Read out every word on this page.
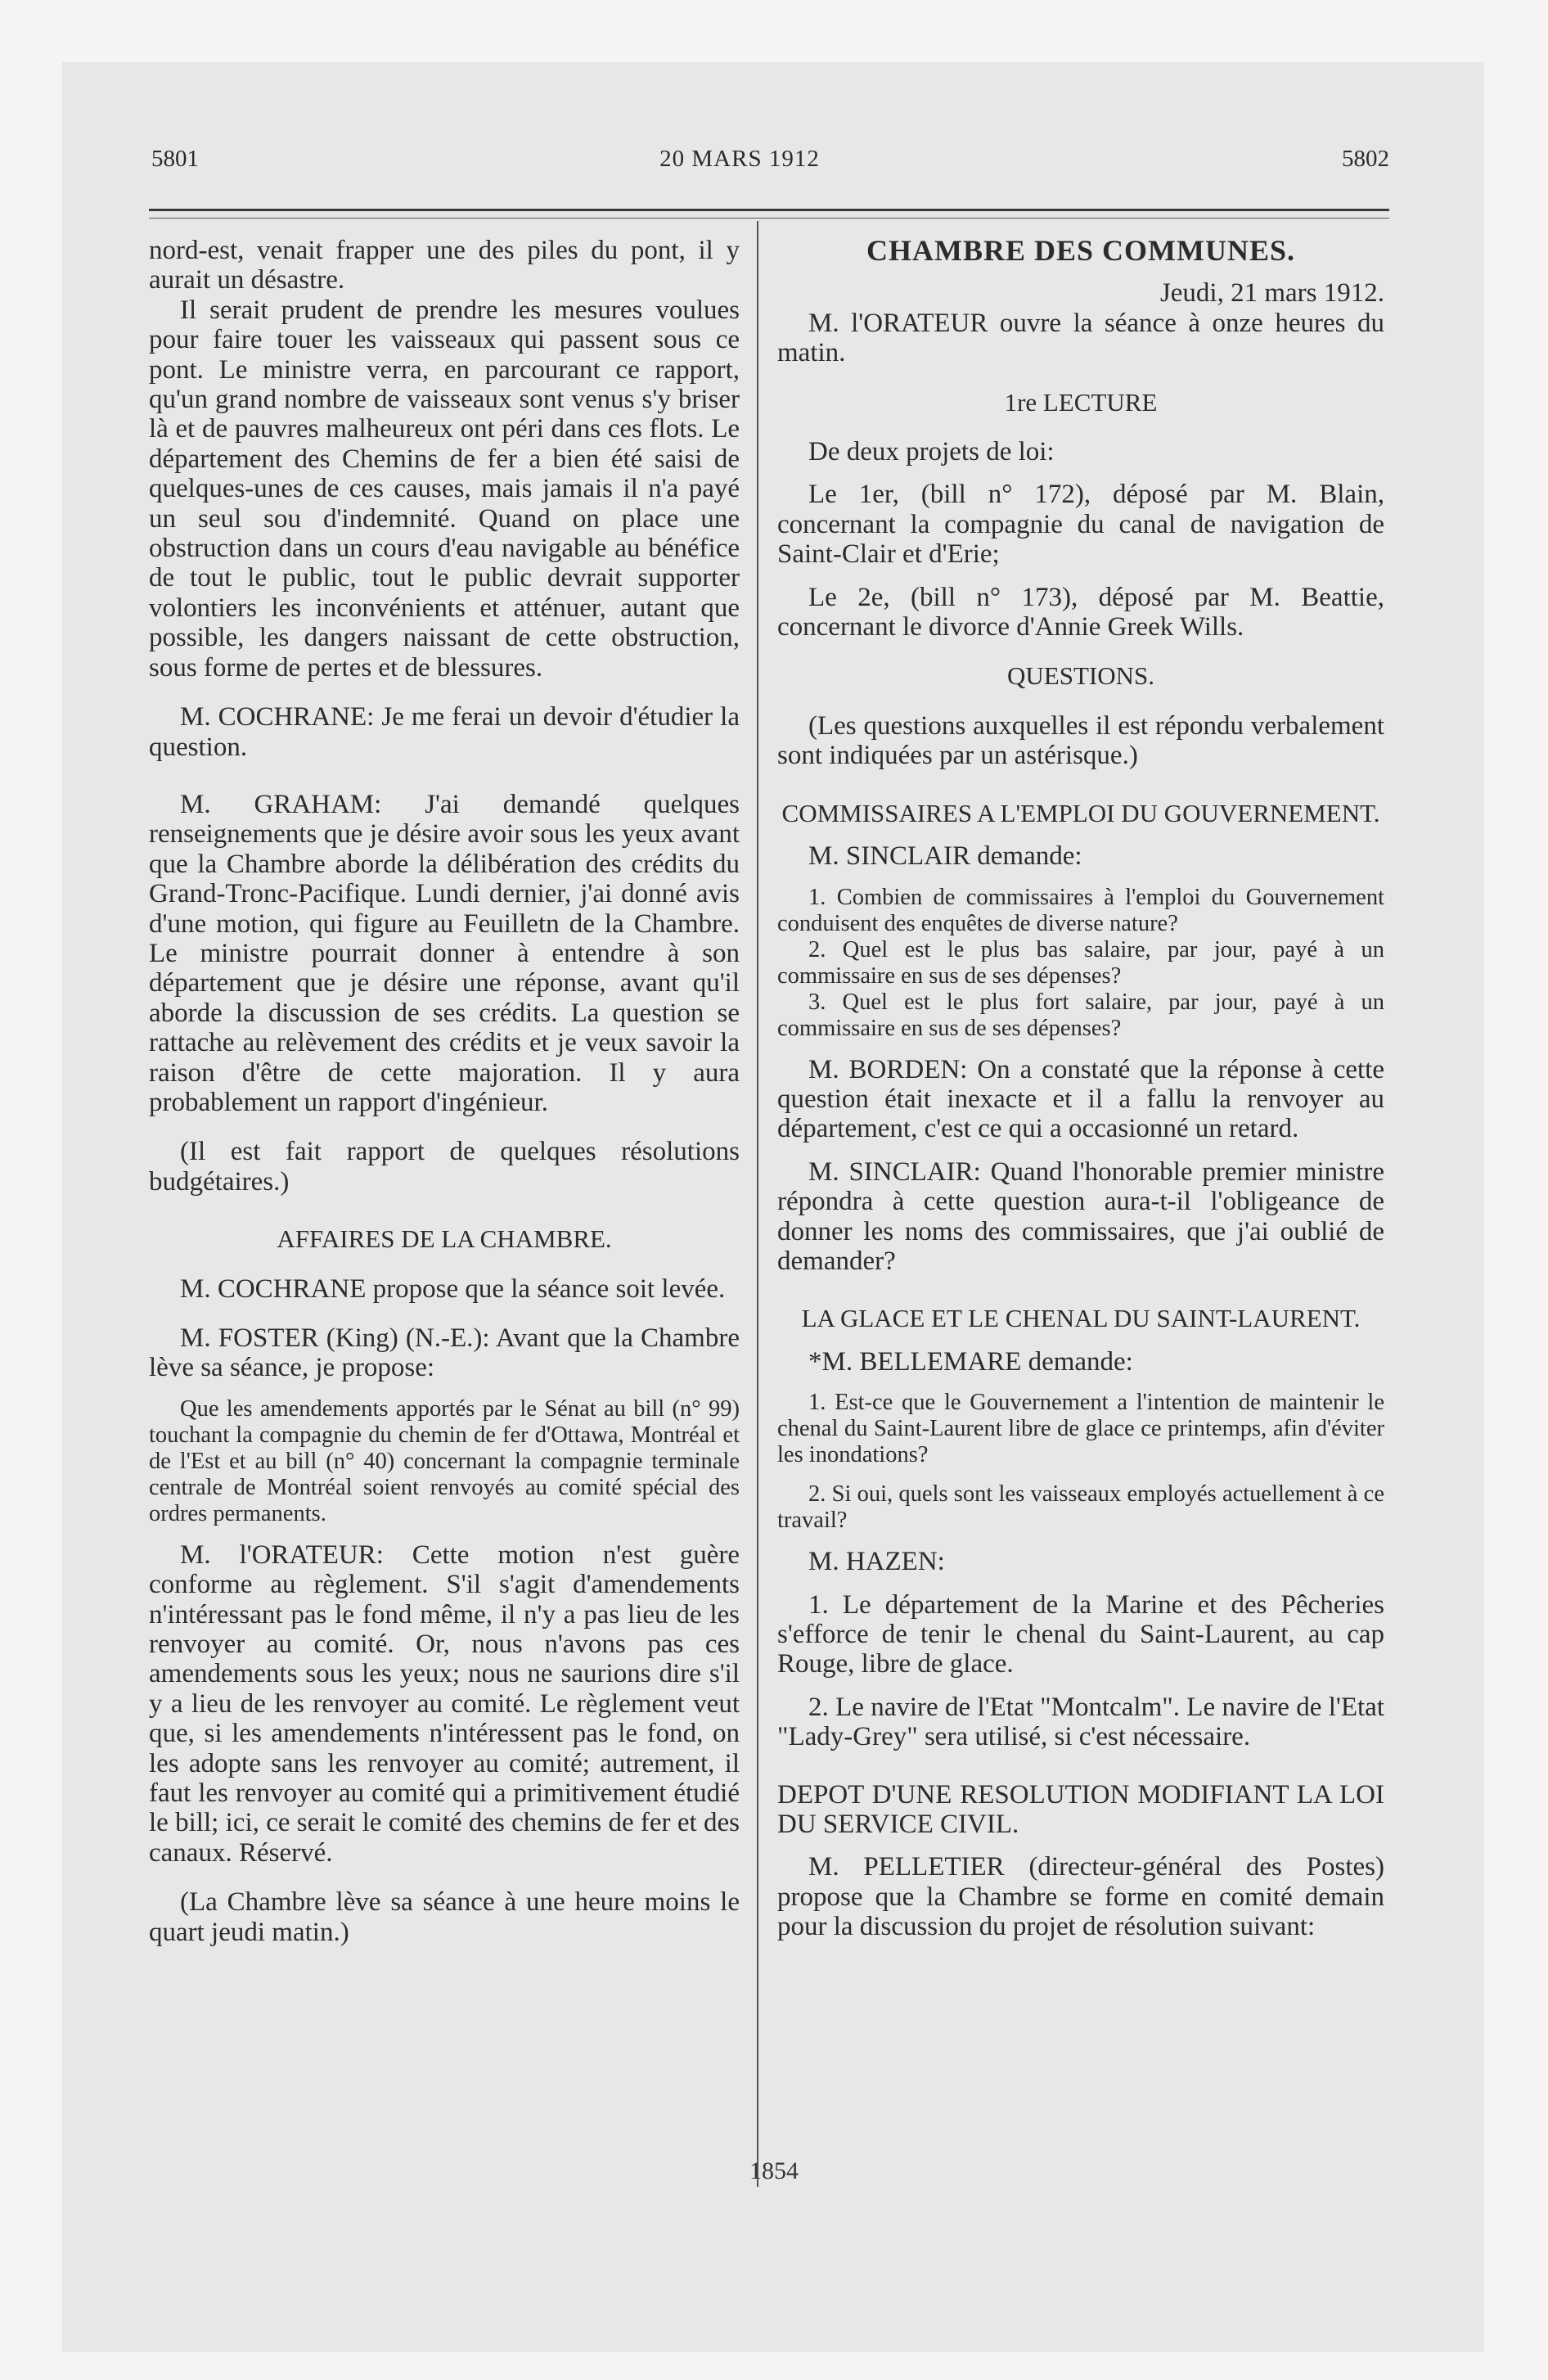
5801	20 MARS 1912	5802

nord-est, venait frapper une des piles du pont, il y aurait un désastre.

Il serait prudent de prendre les mesures voulues pour faire touer les vaisseaux qui passent sous ce pont. Le ministre verra, en parcourant ce rapport, qu'un grand nombre de vaisseaux sont venus s'y briser là et de pauvres malheureux ont péri dans ces flots. Le département des Chemins de fer a bien été saisi de quelques-unes de ces causes, mais jamais il n'a payé un seul sou d'indemnité. Quand on place une obstruction dans un cours d'eau navigable au bénéfice de tout le public, tout le public devrait supporter volontiers les inconvénients et atténuer, autant que possible, les dangers naissant de cette obstruction, sous forme de pertes et de blessures.

M. COCHRANE: Je me ferai un devoir d'étudier la question.

M. GRAHAM: J'ai demandé quelques renseignements que je désire avoir sous les yeux avant que la Chambre aborde la délibération des crédits du Grand-Tronc-Pacifique. Lundi dernier, j'ai donné avis d'une motion, qui figure au Feuilletn de la Chambre. Le ministre pourrait donner à entendre à son département que je désire une réponse, avant qu'il aborde la discussion de ses crédits. La question se rattache au relèvement des crédits et je veux savoir la raison d'être de cette majoration. Il y aura probablement un rapport d'ingénieur.

(Il est fait rapport de quelques résolutions budgétaires.)

AFFAIRES DE LA CHAMBRE.

M. COCHRANE propose que la séance soit levée.

M. FOSTER (King) (N.-E.): Avant que la Chambre lève sa séance, je propose:

Que les amendements apportés par le Sénat au bill (n° 99) touchant la compagnie du chemin de fer d'Ottawa, Montréal et de l'Est et au bill (n° 40) concernant la compagnie terminale centrale de Montréal soient renvoyés au comité spécial des ordres permanents.

M. l'ORATEUR: Cette motion n'est guère conforme au règlement. S'il s'agit d'amendements n'intéressant pas le fond même, il n'y a pas lieu de les renvoyer au comité. Or, nous n'avons pas ces amendements sous les yeux; nous ne saurions dire s'il y a lieu de les renvoyer au comité. Le règlement veut que, si les amendements n'intéressent pas le fond, on les adopte sans les renvoyer au comité; autrement, il faut les renvoyer au comité qui a primitivement étudié le bill; ici, ce serait le comité des chemins de fer et des canaux. Réservé.

(La Chambre lève sa séance à une heure moins le quart jeudi matin.)

CHAMBRE DES COMMUNES.

Jeudi, 21 mars 1912.

M. l'ORATEUR ouvre la séance à onze heures du matin.

1re LECTURE

De deux projets de loi:

Le 1er, (bill n° 172), déposé par M. Blain, concernant la compagnie du canal de navigation de Saint-Clair et d'Erie;

Le 2e, (bill n° 173), déposé par M. Beattie, concernant le divorce d'Annie Greek Wills.

QUESTIONS.

(Les questions auxquelles il est répondu verbalement sont indiquées par un astérisque.)

COMMISSAIRES A L'EMPLOI DU GOUVERNEMENT.

M. SINCLAIR demande:

1. Combien de commissaires à l'emploi du Gouvernement conduisent des enquêtes de diverse nature?

2. Quel est le plus bas salaire, par jour, payé à un commissaire en sus de ses dépenses?

3. Quel est le plus fort salaire, par jour, payé à un commissaire en sus de ses dépenses?

M. BORDEN: On a constaté que la réponse à cette question était inexacte et il a fallu la renvoyer au département, c'est ce qui a occasionné un retard.

M. SINCLAIR: Quand l'honorable premier ministre répondra à cette question aura-t-il l'obligeance de donner les noms des commissaires, que j'ai oublié de demander?

LA GLACE ET LE CHENAL DU SAINT-LAURENT.

*M. BELLEMARE demande:

1. Est-ce que le Gouvernement a l'intention de maintenir le chenal du Saint-Laurent libre de glace ce printemps, afin d'éviter les inondations?

2. Si oui, quels sont les vaisseaux employés actuellement à ce travail?

M. HAZEN:

1. Le département de la Marine et des Pêcheries s'efforce de tenir le chenal du Saint-Laurent, au cap Rouge, libre de glace.

2. Le navire de l'Etat "Montcalm". Le navire de l'Etat "Lady-Grey" sera utilisé, si c'est nécessaire.

DEPOT D'UNE RESOLUTION MODIFIANT LA LOI DU SERVICE CIVIL.

M. PELLETIER (directeur-général des Postes) propose que la Chambre se forme en comité demain pour la discussion du projet de résolution suivant:

1854
